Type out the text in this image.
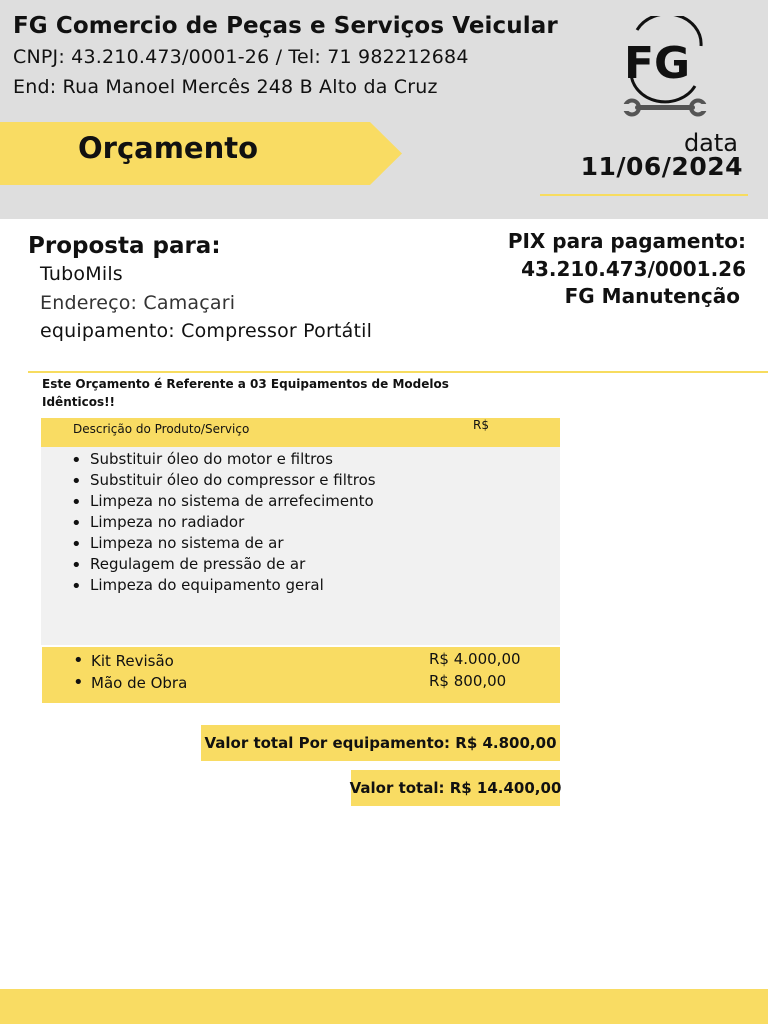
FG Comercio de Peças e Serviços Veicular
CNPJ: 43.210.473/0001-26 / Tel: 71 982212684
End: Rua Manoel Mercês 248 B Alto da Cruz	FG
Orçamento	data
11/06/2024
Proposta para:
TuboMils
Endereço: Camaçari
equipamento: Compressor Portátil
PIX para pagamento:
43.210.473/0001.26
FG Manutenção
Este Orçamento é Referente a 03 Equipamentos de Modelos Idênticos!!
Descrição do Produto/Serviço	R$
• Substituir óleo do motor e filtros
• Substituir óleo do compressor e filtros
• Limpeza no sistema de arrefecimento
• Limpeza no radiador
• Limpeza no sistema de ar
• Regulagem de pressão de ar
• Limpeza do equipamento geral
• Kit Revisão	R$ 4.000,00
• Mão de Obra	R$ 800,00
Valor total Por equipamento: R$ 4.800,00
Valor total: R$ 14.400,00
